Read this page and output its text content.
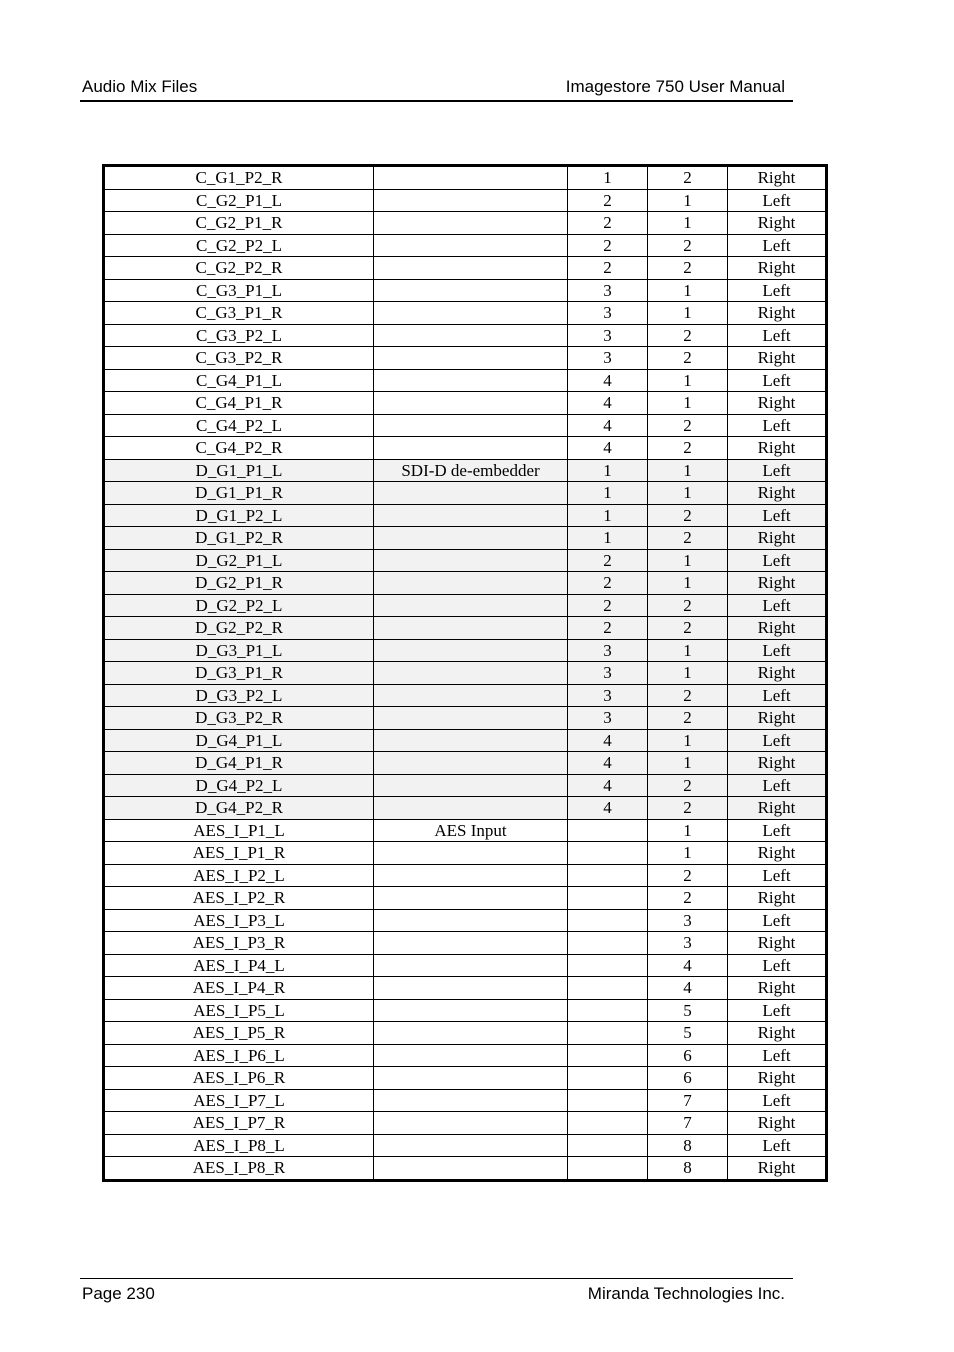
Audio Mix Files	Imagestore 750 User Manual
C_G1_P2_R		1	2	Right
C_G2_P1_L		2	1	Left
C_G2_P1_R		2	1	Right
C_G2_P2_L		2	2	Left
C_G2_P2_R		2	2	Right
C_G3_P1_L		3	1	Left
C_G3_P1_R		3	1	Right
C_G3_P2_L		3	2	Left
C_G3_P2_R		3	2	Right
C_G4_P1_L		4	1	Left
C_G4_P1_R		4	1	Right
C_G4_P2_L		4	2	Left
C_G4_P2_R		4	2	Right
D_G1_P1_L	SDI-D de-embedder	1	1	Left
D_G1_P1_R		1	1	Right
D_G1_P2_L		1	2	Left
D_G1_P2_R		1	2	Right
D_G2_P1_L		2	1	Left
D_G2_P1_R		2	1	Right
D_G2_P2_L		2	2	Left
D_G2_P2_R		2	2	Right
D_G3_P1_L		3	1	Left
D_G3_P1_R		3	1	Right
D_G3_P2_L		3	2	Left
D_G3_P2_R		3	2	Right
D_G4_P1_L		4	1	Left
D_G4_P1_R		4	1	Right
D_G4_P2_L		4	2	Left
D_G4_P2_R		4	2	Right
AES_I_P1_L	AES Input		1	Left
AES_I_P1_R			1	Right
AES_I_P2_L			2	Left
AES_I_P2_R			2	Right
AES_I_P3_L			3	Left
AES_I_P3_R			3	Right
AES_I_P4_L			4	Left
AES_I_P4_R			4	Right
AES_I_P5_L			5	Left
AES_I_P5_R			5	Right
AES_I_P6_L			6	Left
AES_I_P6_R			6	Right
AES_I_P7_L			7	Left
AES_I_P7_R			7	Right
AES_I_P8_L			8	Left
AES_I_P8_R			8	Right
Page 230	Miranda Technologies Inc.
